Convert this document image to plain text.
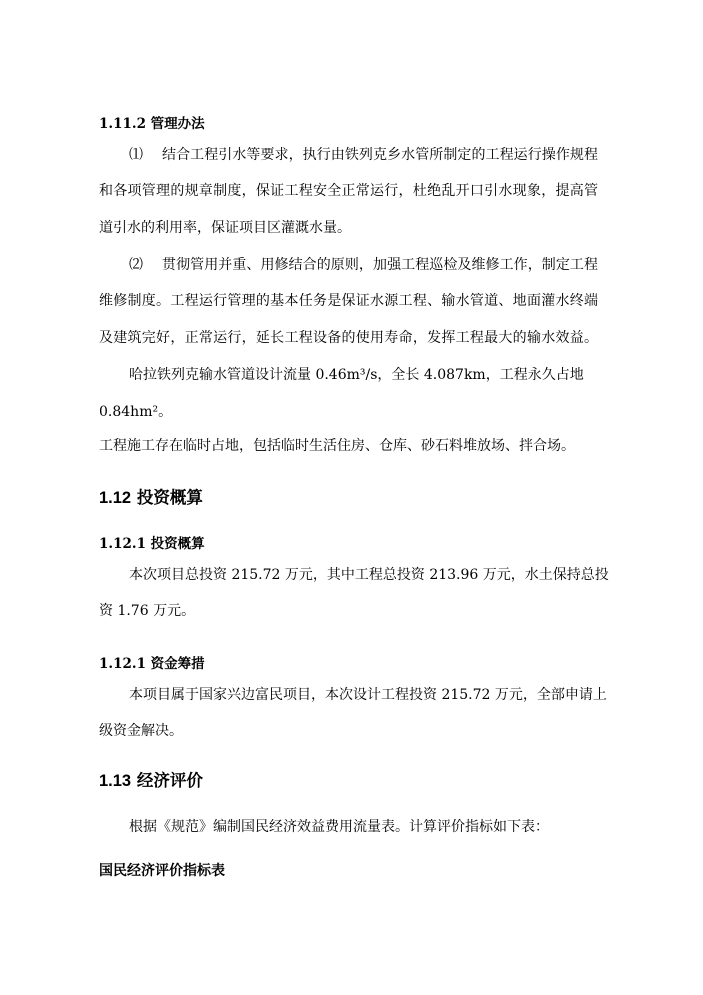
1.11.2 管理办法
⑴ 结合工程引水等要求，执行由铁列克乡水管所制定的工程运行操作规程
和各项管理的规章制度，保证工程安全正常运行，杜绝乱开口引水现象，提高管
道引水的利用率，保证项目区灌溉水量。
⑵ 贯彻管用并重、用修结合的原则，加强工程巡检及维修工作，制定工程
维修制度。工程运行管理的基本任务是保证水源工程、输水管道、地面灌水终端
及建筑完好，正常运行，延长工程设备的使用寿命，发挥工程最大的输水效益。
哈拉铁列克输水管道设计流量 0.46m³/s，全长 4.087km，工程永久占地
0.84hm²。
工程施工存在临时占地，包括临时生活住房、仓库、砂石料堆放场、拌合场。
1.12 投资概算
1.12.1 投资概算
本次项目总投资 215.72 万元，其中工程总投资 213.96 万元，水土保持总投
资 1.76 万元。
1.12.1 资金筹措
本项目属于国家兴边富民项目，本次设计工程投资 215.72 万元，全部申请上
级资金解决。
1.13 经济评价
根据《规范》编制国民经济效益费用流量表。计算评价指标如下表：
国民经济评价指标表
